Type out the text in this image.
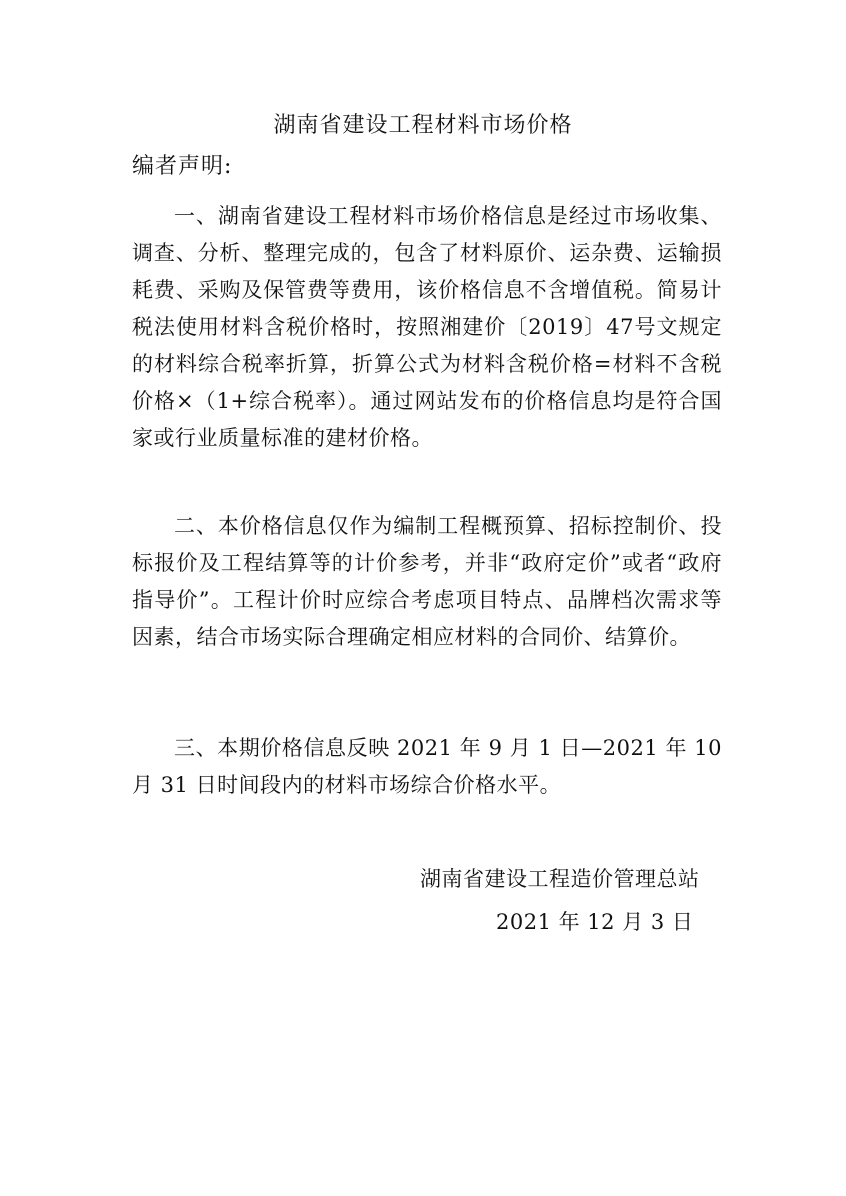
湖南省建设工程材料市场价格
编者声明:

一、湖南省建设工程材料市场价格信息是经过市场收集、调查、分析、整理完成的，包含了材料原价、运杂费、运输损耗费、采购及保管费等费用，该价格信息不含增值税。简易计税法使用材料含税价格时，按照湘建价〔2019〕47号文规定的材料综合税率折算，折算公式为材料含税价格=材料不含税价格×（1+综合税率）。通过网站发布的价格信息均是符合国家或行业质量标准的建材价格。

二、本价格信息仅作为编制工程概预算、招标控制价、投标报价及工程结算等的计价参考，并非“政府定价”或者“政府指导价”。工程计价时应综合考虑项目特点、品牌档次需求等因素，结合市场实际合理确定相应材料的合同价、结算价。

三、本期价格信息反映 2021 年 9 月 1 日—2021 年 10 月 31 日时间段内的材料市场综合价格水平。

湖南省建设工程造价管理总站
2021 年 12 月 3 日
